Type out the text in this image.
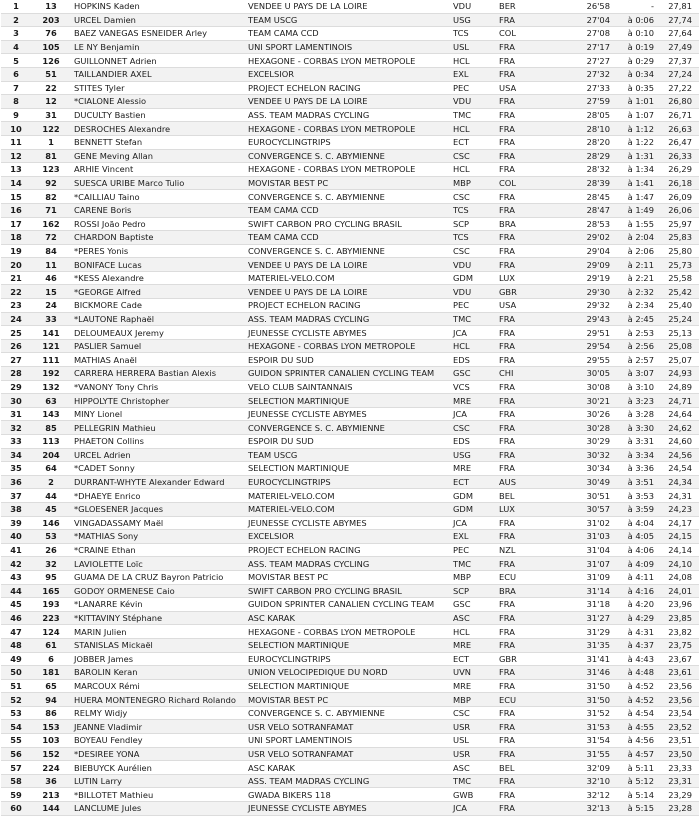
1	13	HOPKINS Kaden	VENDEE U PAYS DE LA LOIRE	VDU	BER	26'58	-	27,81
2	203	URCEL Damien	TEAM USCG	USG	FRA	27'04	à 0:06	27,74
3	76	BAEZ VANEGAS ESNEIDER Arley	TEAM CAMA CCD	TCS	COL	27'08	à 0:10	27,64
4	105	LE NY Benjamin	UNI SPORT LAMENTINOIS	USL	FRA	27'17	à 0:19	27,49
5	126	GUILLONNET Adrien	HEXAGONE - CORBAS LYON METROPOLE	HCL	FRA	27'27	à 0:29	27,37
6	51	TAILLANDIER AXEL	EXCELSIOR	EXL	FRA	27'32	à 0:34	27,24
7	22	STITES Tyler	PROJECT ECHELON RACING	PEC	USA	27'33	à 0:35	27,22
8	12	*CIALONE Alessio	VENDEE U PAYS DE LA LOIRE	VDU	FRA	27'59	à 1:01	26,80
9	31	DUCULTY Bastien	ASS. TEAM MADRAS CYCLING	TMC	FRA	28'05	à 1:07	26,71
10	122	DESROCHES Alexandre	HEXAGONE - CORBAS LYON METROPOLE	HCL	FRA	28'10	à 1:12	26,63
11	1	BENNETT Stefan	EUROCYCLINGTRIPS	ECT	FRA	28'20	à 1:22	26,47
12	81	GENE Meving Allan	CONVERGENCE S. C. ABYMIENNE	CSC	FRA	28'29	à 1:31	26,33
13	123	ARHIE Vincent	HEXAGONE - CORBAS LYON METROPOLE	HCL	FRA	28'32	à 1:34	26,29
14	92	SUESCA URIBE Marco Tulio	MOVISTAR BEST PC	MBP	COL	28'39	à 1:41	26,18
15	82	*CAILLIAU Taino	CONVERGENCE S. C. ABYMIENNE	CSC	FRA	28'45	à 1:47	26,09
16	71	CARENE Boris	TEAM CAMA CCD	TCS	FRA	28'47	à 1:49	26,06
17	162	ROSSI João Pedro	SWIFT CARBON PRO CYCLING BRASIL	SCP	BRA	28'53	à 1:55	25,97
18	72	CHARDON Baptiste	TEAM CAMA CCD	TCS	FRA	29'02	à 2:04	25,83
19	84	*PERES Yonis	CONVERGENCE S. C. ABYMIENNE	CSC	FRA	29'04	à 2:06	25,80
20	11	BONIFACE Lucas	VENDEE U PAYS DE LA LOIRE	VDU	FRA	29'09	à 2:11	25,73
21	46	*KESS Alexandre	MATERIEL-VELO.COM	GDM	LUX	29'19	à 2:21	25,58
22	15	*GEORGE Alfred	VENDEE U PAYS DE LA LOIRE	VDU	GBR	29'30	à 2:32	25,42
23	24	BICKMORE Cade	PROJECT ECHELON RACING	PEC	USA	29'32	à 2:34	25,40
24	33	*LAUTONE Raphaël	ASS. TEAM MADRAS CYCLING	TMC	FRA	29'43	à 2:45	25,24
25	141	DELOUMEAUX Jeremy	JEUNESSE CYCLISTE ABYMES	JCA	FRA	29'51	à 2:53	25,13
26	121	PASLIER Samuel	HEXAGONE - CORBAS LYON METROPOLE	HCL	FRA	29'54	à 2:56	25,08
27	111	MATHIAS Anaël	ESPOIR DU SUD	EDS	FRA	29'55	à 2:57	25,07
28	192	CARRERA HERRERA Bastian Alexis	GUIDON SPRINTER CANALIEN CYCLING TEAM	GSC	CHI	30'05	à 3:07	24,93
29	132	*VANONY Tony Chris	VELO CLUB SAINTANNAIS	VCS	FRA	30'08	à 3:10	24,89
30	63	HIPPOLYTE Christopher	SELECTION MARTINIQUE	MRE	FRA	30'21	à 3:23	24,71
31	143	MINY Lionel	JEUNESSE CYCLISTE ABYMES	JCA	FRA	30'26	à 3:28	24,64
32	85	PELLEGRIN Mathieu	CONVERGENCE S. C. ABYMIENNE	CSC	FRA	30'28	à 3:30	24,62
33	113	PHAETON Collins	ESPOIR DU SUD	EDS	FRA	30'29	à 3:31	24,60
34	204	URCEL Adrien	TEAM USCG	USG	FRA	30'32	à 3:34	24,56
35	64	*CADET Sonny	SELECTION MARTINIQUE	MRE	FRA	30'34	à 3:36	24,54
36	2	DURRANT-WHYTE Alexander Edward	EUROCYCLINGTRIPS	ECT	AUS	30'49	à 3:51	24,34
37	44	*DHAEYE Enrico	MATERIEL-VELO.COM	GDM	BEL	30'51	à 3:53	24,31
38	45	*GLOESENER Jacques	MATERIEL-VELO.COM	GDM	LUX	30'57	à 3:59	24,23
39	146	VINGADASSAMY Maël	JEUNESSE CYCLISTE ABYMES	JCA	FRA	31'02	à 4:04	24,17
40	53	*MATHIAS Sony	EXCELSIOR	EXL	FRA	31'03	à 4:05	24,15
41	26	*CRAINE Ethan	PROJECT ECHELON RACING	PEC	NZL	31'04	à 4:06	24,14
42	32	LAVIOLETTE Loïc	ASS. TEAM MADRAS CYCLING	TMC	FRA	31'07	à 4:09	24,10
43	95	GUAMA DE LA CRUZ Bayron Patricio	MOVISTAR BEST PC	MBP	ECU	31'09	à 4:11	24,08
44	165	GODOY ORMENESE Caio	SWIFT CARBON PRO CYCLING BRASIL	SCP	BRA	31'14	à 4:16	24,01
45	193	*LANARRE Kévin	GUIDON SPRINTER CANALIEN CYCLING TEAM	GSC	FRA	31'18	à 4:20	23,96
46	223	*KITTAVINY Stéphane	ASC KARAK	ASC	FRA	31'27	à 4:29	23,85
47	124	MARIN Julien	HEXAGONE - CORBAS LYON METROPOLE	HCL	FRA	31'29	à 4:31	23,82
48	61	STANISLAS Mickaël	SELECTION MARTINIQUE	MRE	FRA	31'35	à 4:37	23,75
49	6	JOBBER James	EUROCYCLINGTRIPS	ECT	GBR	31'41	à 4:43	23,67
50	181	BAROLIN Keran	UNION VELOCIPEDIQUE DU NORD	UVN	FRA	31'46	à 4:48	23,61
51	65	MARCOUX Rémi	SELECTION MARTINIQUE	MRE	FRA	31'50	à 4:52	23,56
52	94	HUERA MONTENEGRO Richard Rolando	MOVISTAR BEST PC	MBP	ECU	31'50	à 4:52	23,56
53	86	RELMY Widjy	CONVERGENCE S. C. ABYMIENNE	CSC	FRA	31'52	à 4:54	23,54
54	153	JEANNE Vladimir	USR VELO SOTRANFAMAT	USR	FRA	31'53	à 4:55	23,52
55	103	BOYEAU Fendley	UNI SPORT LAMENTINOIS	USL	FRA	31'54	à 4:56	23,51
56	152	*DESIREE YONA	USR VELO SOTRANFAMAT	USR	FRA	31'55	à 4:57	23,50
57	224	BIEBUYCK Aurélien	ASC KARAK	ASC	BEL	32'09	à 5:11	23,33
58	36	LUTIN Larry	ASS. TEAM MADRAS CYCLING	TMC	FRA	32'10	à 5:12	23,31
59	213	*BILLOTET Mathieu	GWADA BIKERS 118	GWB	FRA	32'12	à 5:14	23,29
60	144	LANCLUME Jules	JEUNESSE CYCLISTE ABYMES	JCA	FRA	32'13	à 5:15	23,28
